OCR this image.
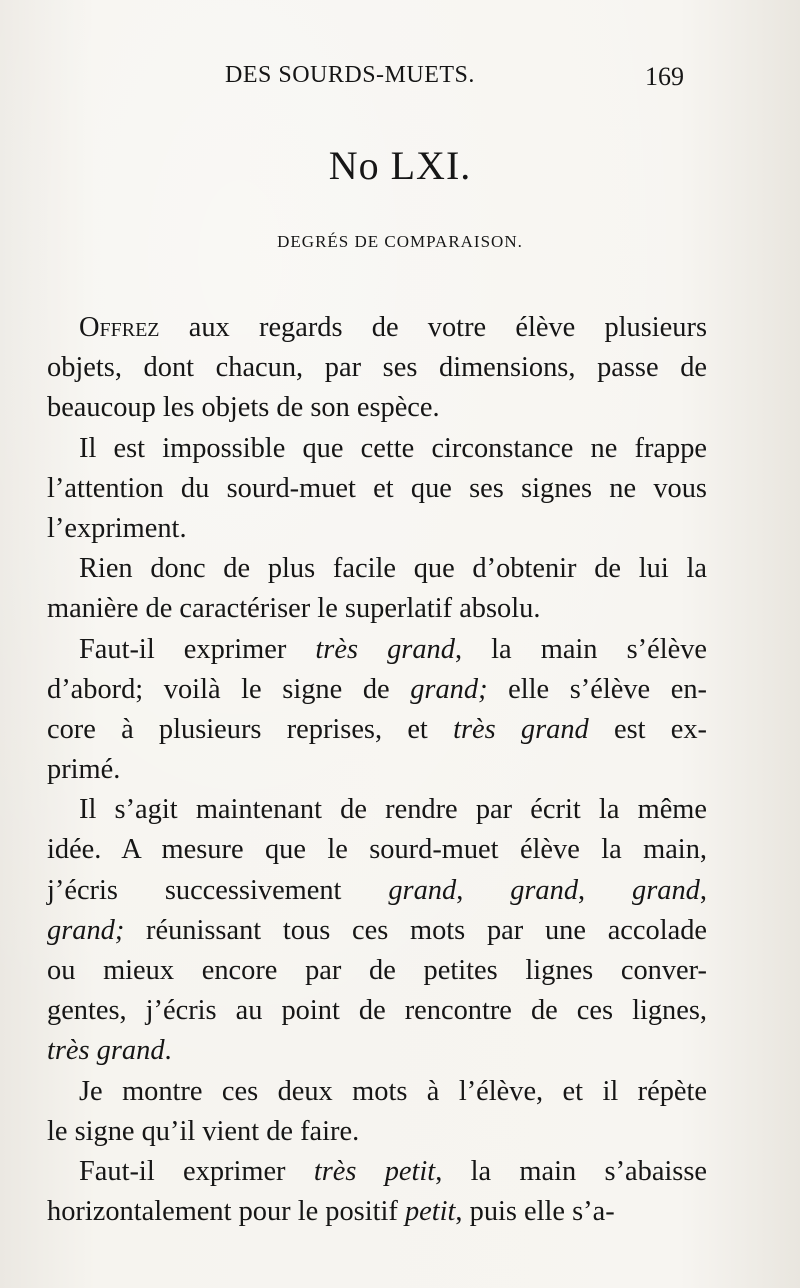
DES SOURDS-MUETS.	169
No LXI.
DEGRÉS DE COMPARAISON.
Offrez aux regards de votre élève plusieurs
objets, dont chacun, par ses dimensions, passe de
beaucoup les objets de son espèce.
Il est impossible que cette circonstance ne frappe
l’attention du sourd-muet et que ses signes ne vous
l’expriment.
Rien donc de plus facile que d’obtenir de lui la
manière de caractériser le superlatif absolu.
Faut-il exprimer très grand, la main s’élève
d’abord; voilà le signe de grand; elle s’élève en-
core à plusieurs reprises, et très grand est ex-
primé.
Il s’agit maintenant de rendre par écrit la même
idée. A mesure que le sourd-muet élève la main,
j’écris successivement grand, grand, grand,
grand; réunissant tous ces mots par une accolade
ou mieux encore par de petites lignes conver-
gentes, j’écris au point de rencontre de ces lignes,
très grand.
Je montre ces deux mots à l’élève, et il répète
le signe qu’il vient de faire.
Faut-il exprimer très petit, la main s’abaisse
horizontalement pour le positif petit, puis elle s’a-
